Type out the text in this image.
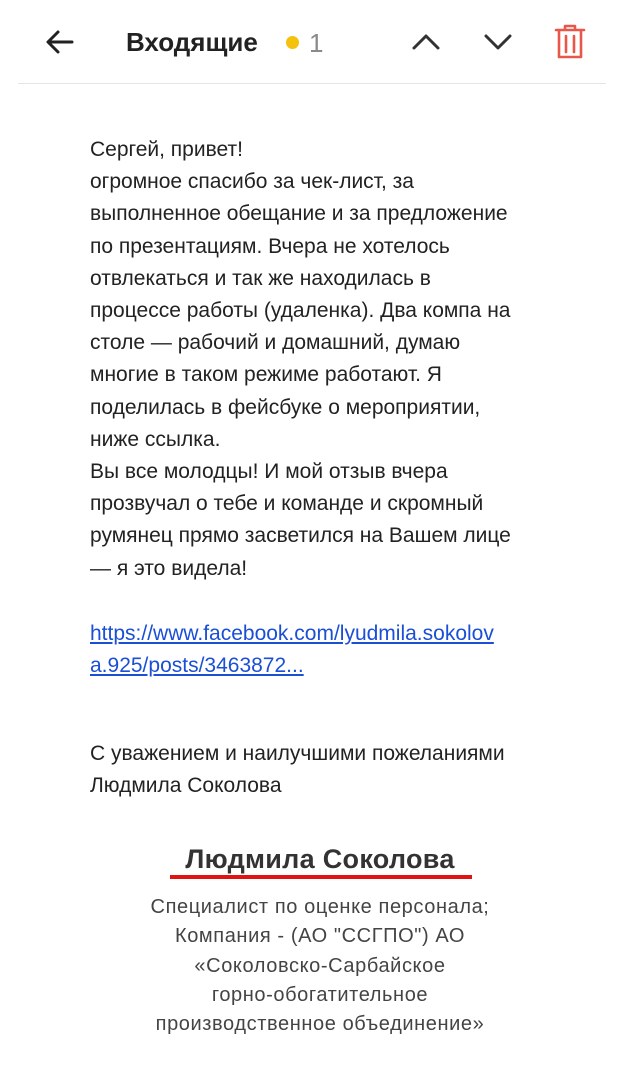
Входящие 1

Сергей, привет!

огромное спасибо за чек-лист, за

выполненное обещание и за предложение

по презентациям. Вчера не хотелось

отвлекаться и так же находилась в

процессе работы (удаленка). Два компа на

столе — рабочий и домашний, думаю

многие в таком режиме работают. Я

поделилась в фейсбуке о мероприятии,

ниже ссылка.

Вы все молодцы! И мой отзыв вчера

прозвучал о тебе и команде и скромный

румянец прямо засветился на Вашем лице

— я это видела!

https://www.facebook.com/lyudmila.sokolov
a.925/posts/3463872...

С уважением и наилучшими пожеланиями

Людмила Соколова

Людмила Соколова
Специалист по оценке персонала;
Компания - (АО "ССГПО") АО
«Соколовско-Сарбайское
горно-обогатительное
производственное объединение»
